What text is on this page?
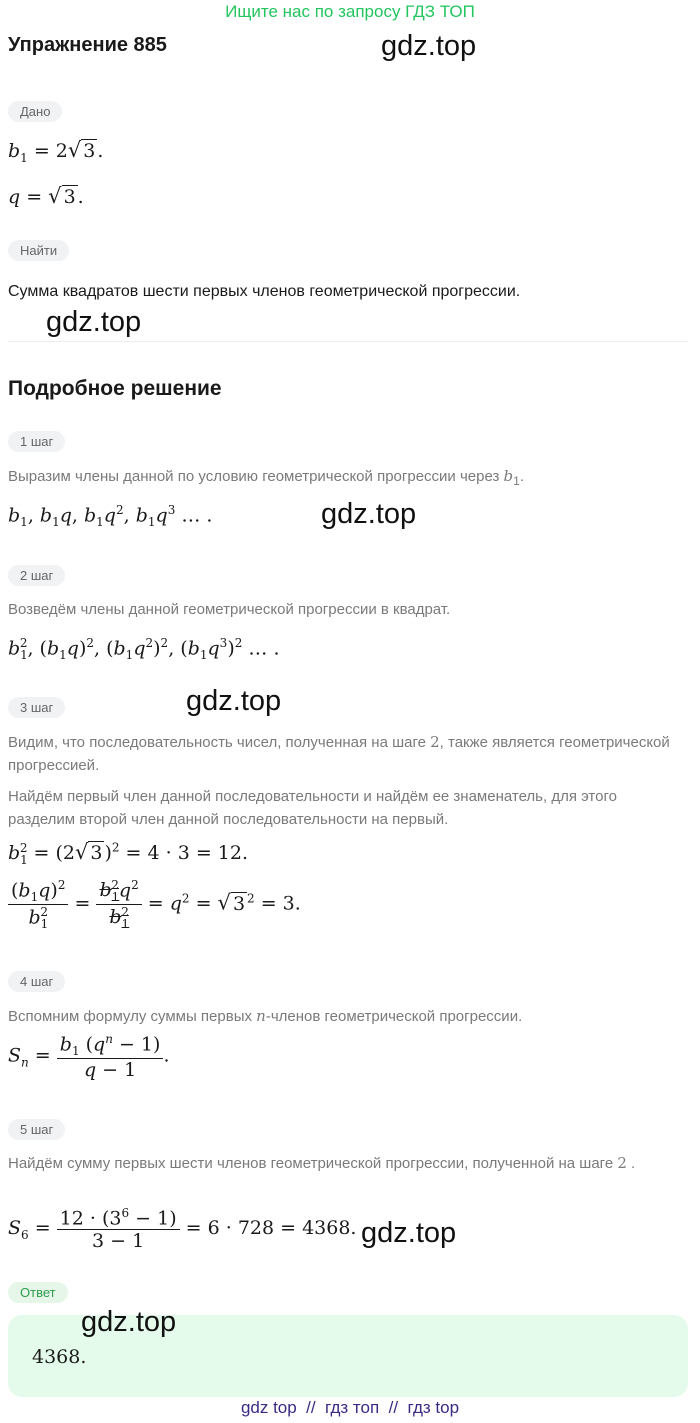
Ищите нас по запросу ГДЗ ТОП
Упражнение 885	gdz.top
Дано
$b_1 = 2√$ 3 .
q = √ 3 .
Найти
Сумма квадратов шести первых членов геометрической прогрессии.
gdz.top
Подробное решение
1 шаг
Выразим члены данной по условию геометрической прогрессии через $b_1$.
$b_1$, $b_1q$, $b_1q^2$, $b_1q^3$ … .	gdz.top
2 шаг
Возведём члены данной геометрической прогрессии в квадрат.
$b_1^2$, $(b_1q)^2$, $(b_1q^2)^2$, $(b_1q^3)^2$ … .
gdz.top
3 шаг
Видим, что последовательность чисел, полученная на шаге 2, также является геометрической прогрессией.
Найдём первый член данной последовательности и найдём ее знаменатель, для этого разделим второй член данной последовательности на первый.
$b_1^2 = (2√$ 3 )$^2$ = 4 · 3 = 12.
$\frac{(b_1q)^2}{b_1^2} = \frac{b_1^2q^2}{b_1^2} = q^2$ = √ 3 $^2$ = 3.
4 шаг
Вспомним формулу суммы первых n-членов геометрической прогрессии.
$S_n = \frac{b_1 (q^n - 1)}{q - 1}$ .
5 шаг
Найдём сумму первых шести членов геометрической прогрессии, полученной на шаге 2 .
$S_6 = \frac{12 \cdot (3^6 - 1)}{3 - 1} = 6 \cdot 728 = 4368$. gdz.top
Ответ
gdz.top
4368.
gdz top  //  гдз топ  //  гдз top
